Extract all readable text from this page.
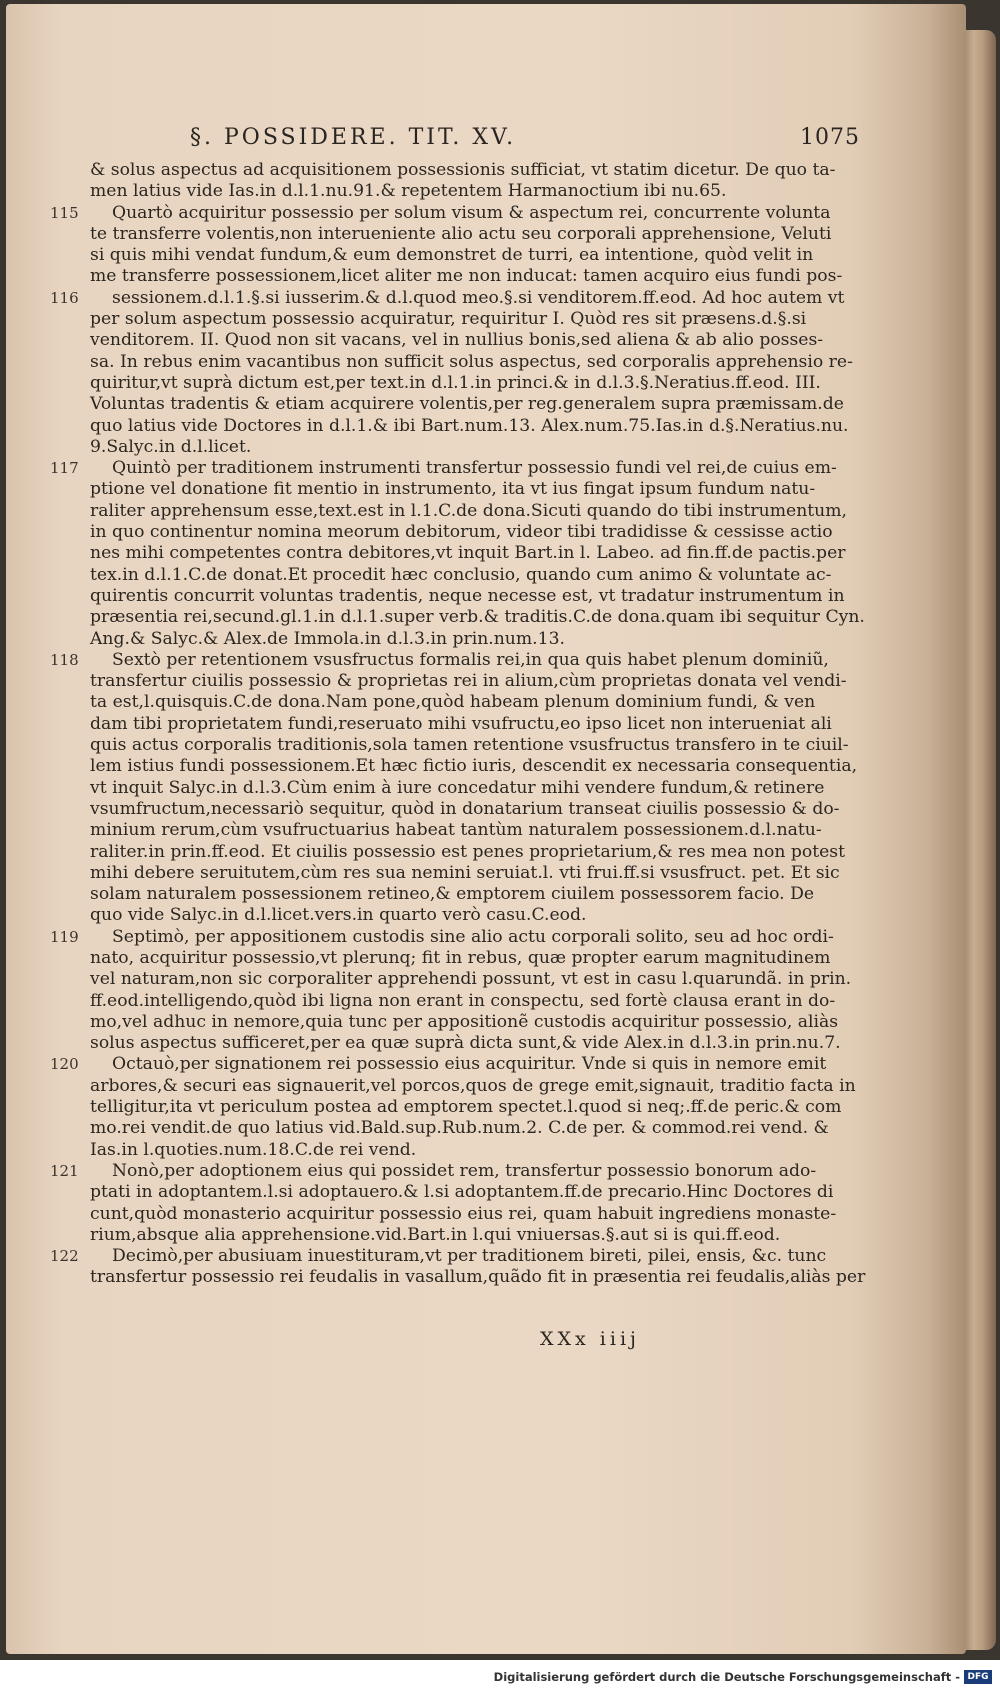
§. POSSIDERE. TIT. XV.	1075
& solus aspectus ad acquisitionem possessionis sufficiat, vt statim dicetur. De quo ta-
men latius vide Ias.in d.l.1.nu.91.& repetentem Harmanoctium ibi nu.65.
115	Quartò acquiritur possessio per solum visum & aspectum rei, concurrente volunta
te transferre volentis,non interueniente alio actu seu corporali apprehensione, Veluti
si quis mihi vendat fundum,& eum demonstret de turri, ea intentione, quòd velit in
me transferre possessionem,licet aliter me non inducat: tamen acquiro eius fundi pos-
116	sessionem.d.l.1.§.si iusserim.& d.l.quod meo.§.si venditorem.ff.eod. Ad hoc autem vt
per solum aspectum possessio acquiratur, requiritur I. Quòd res sit præsens.d.§.si
venditorem. II. Quod non sit vacans, vel in nullius bonis,sed aliena & ab alio posses-
sa. In rebus enim vacantibus non sufficit solus aspectus, sed corporalis apprehensio re-
quiritur,vt suprà dictum est,per text.in d.l.1.in princi.& in d.l.3.§.Neratius.ff.eod. III.
Voluntas tradentis & etiam acquirere volentis,per reg.generalem supra præmissam.de
quo latius vide Doctores in d.l.1.& ibi Bart.num.13. Alex.num.75.Ias.in d.§.Neratius.nu.
9.Salyc.in d.l.licet.
117	Quintò per traditionem instrumenti transfertur possessio fundi vel rei,de cuius em-
ptione vel donatione fit mentio in instrumento, ita vt ius fingat ipsum fundum natu-
raliter apprehensum esse,text.est in l.1.C.de dona.Sicuti quando do tibi instrumentum,
in quo continentur nomina meorum debitorum, videor tibi tradidisse & cessisse actio
nes mihi competentes contra debitores,vt inquit Bart.in l. Labeo. ad fin.ff.de pactis.per
tex.in d.l.1.C.de donat.Et procedit hæc conclusio, quando cum animo & voluntate ac-
quirentis concurrit voluntas tradentis, neque necesse est, vt tradatur instrumentum in
præsentia rei,secund.gl.1.in d.l.1.super verb.& traditis.C.de dona.quam ibi sequitur Cyn.
Ang.& Salyc.& Alex.de Immola.in d.l.3.in prin.num.13.
118	Sextò per retentionem vsusfructus formalis rei,in qua quis habet plenum dominiũ,
transfertur ciuilis possessio & proprietas rei in alium,cùm proprietas donata vel vendi-
ta est,l.quisquis.C.de dona.Nam pone,quòd habeam plenum dominium fundi, & ven
dam tibi proprietatem fundi,reseruato mihi vsufructu,eo ipso licet non interueniat ali
quis actus corporalis traditionis,sola tamen retentione vsusfructus transfero in te ciuil-
lem istius fundi possessionem.Et hæc fictio iuris, descendit ex necessaria consequentia,
vt inquit Salyc.in d.l.3.Cùm enim à iure concedatur mihi vendere fundum,& retinere
vsumfructum,necessariò sequitur, quòd in donatarium transeat ciuilis possessio & do-
minium rerum,cùm vsufructuarius habeat tantùm naturalem possessionem.d.l.natu-
raliter.in prin.ff.eod. Et ciuilis possessio est penes proprietarium,& res mea non potest
mihi debere seruitutem,cùm res sua nemini seruiat.l. vti frui.ff.si vsusfruct. pet. Et sic
solam naturalem possessionem retineo,& emptorem ciuilem possessorem facio. De
quo vide Salyc.in d.l.licet.vers.in quarto verò casu.C.eod.
119	Septimò, per appositionem custodis sine alio actu corporali solito, seu ad hoc ordi-
nato, acquiritur possessio,vt plerunq; fit in rebus, quæ propter earum magnitudinem
vel naturam,non sic corporaliter apprehendi possunt, vt est in casu l.quarundã. in prin.
ff.eod.intelligendo,quòd ibi ligna non erant in conspectu, sed fortè clausa erant in do-
mo,vel adhuc in nemore,quia tunc per appositionẽ custodis acquiritur possessio, aliàs
solus aspectus sufficeret,per ea quæ suprà dicta sunt,& vide Alex.in d.l.3.in prin.nu.7.
120	Octauò,per signationem rei possessio eius acquiritur. Vnde si quis in nemore emit
arbores,& securi eas signauerit,vel porcos,quos de grege emit,signauit, traditio facta in
telligitur,ita vt periculum postea ad emptorem spectet.l.quod si neq;.ff.de peric.& com
mo.rei vendit.de quo latius vid.Bald.sup.Rub.num.2. C.de per. & commod.rei vend. &
Ias.in l.quoties.num.18.C.de rei vend.
121	Nonò,per adoptionem eius qui possidet rem, transfertur possessio bonorum ado-
ptati in adoptantem.l.si adoptauero.& l.si adoptantem.ff.de precario.Hinc Doctores di
cunt,quòd monasterio acquiritur possessio eius rei, quam habuit ingrediens monaste-
rium,absque alia apprehensione.vid.Bart.in l.qui vniuersas.§.aut si is qui.ff.eod.
122	Decimò,per abusiuam inuestituram,vt per traditionem bireti, pilei, ensis, &c. tunc
transfertur possessio rei feudalis in vasallum,quãdo fit in præsentia rei feudalis,aliàs per
XXx iiij
Digitalisierung gefördert durch die Deutsche Forschungsgemeinschaft - DFG
